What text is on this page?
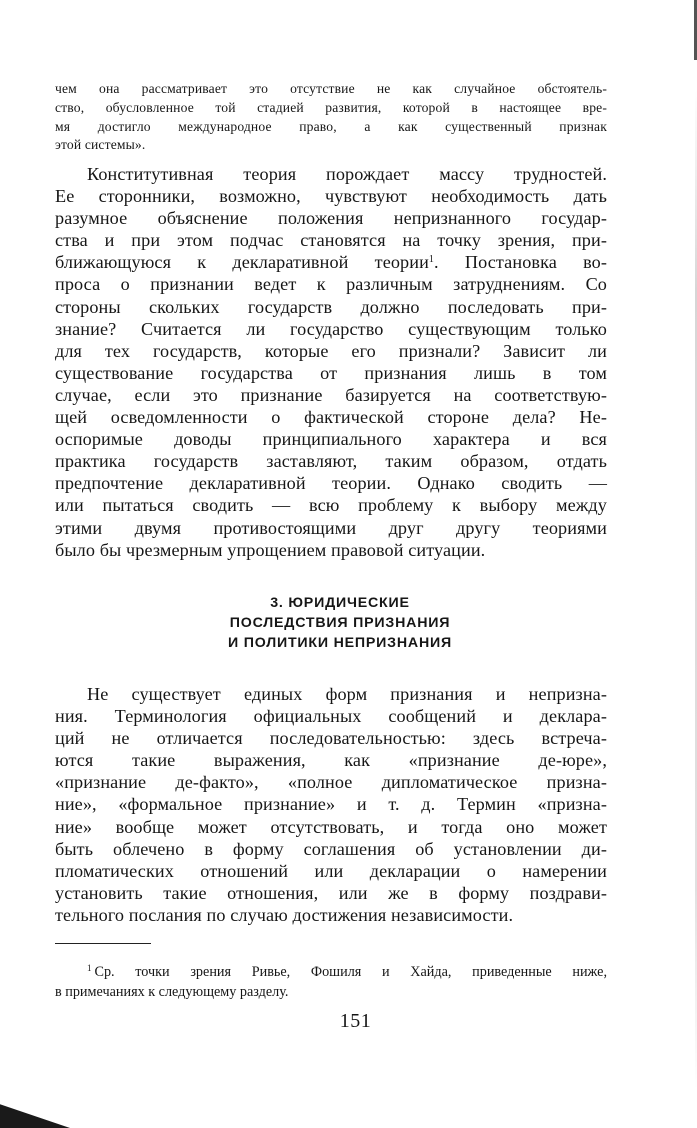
чем она рассматривает это отсутствие не как случайное обстоятель-
ство, обусловленное той стадией развития, которой в настоящее вре-
мя достигло международное право, а как существенный признак
этой системы».
Конститутивная теория порождает массу трудностей.
Ее сторонники, возможно, чувствуют необходимость дать
разумное объяснение положения непризнанного государ-
ства и при этом подчас становятся на точку зрения, при-
ближающуюся к декларативной теории$^1$. Постановка во-
проса о признании ведет к различным затруднениям. Со
стороны скольких государств должно последовать при-
знание? Считается ли государство существующим только
для тех государств, которые его признали? Зависит ли
существование государства от признания лишь в том
случае, если это признание базируется на соответствую-
щей осведомленности о фактической стороне дела? Не-
оспоримые доводы принципиального характера и вся
практика государств заставляют, таким образом, отдать
предпочтение декларативной теории. Однако сводить —
или пытаться сводить — всю проблему к выбору между
этими двумя противостоящими друг другу теориями
было бы чрезмерным упрощением правовой ситуации.
3. ЮРИДИЧЕСКИЕ
ПОСЛЕДСТВИЯ ПРИЗНАНИЯ
И ПОЛИТИКИ НЕПРИЗНАНИЯ
Не существует единых форм признания и непризна-
ния. Терминология официальных сообщений и деклара-
ций не отличается последовательностью: здесь встреча-
ются такие выражения, как «признание де-юре»,
«признание де-факто», «полное дипломатическое призна-
ние», «формальное признание» и т. д. Термин «призна-
ние» вообще может отсутствовать, и тогда оно может
быть облечено в форму соглашения об установлении ди-
пломатических отношений или декларации о намерении
установить такие отношения, или же в форму поздрави-
тельного послания по случаю достижения независимости.
$^1$ Ср. точки зрения Ривье, Фошиля и Хайда, приведенные ниже,
в примечаниях к следующему разделу.
151
